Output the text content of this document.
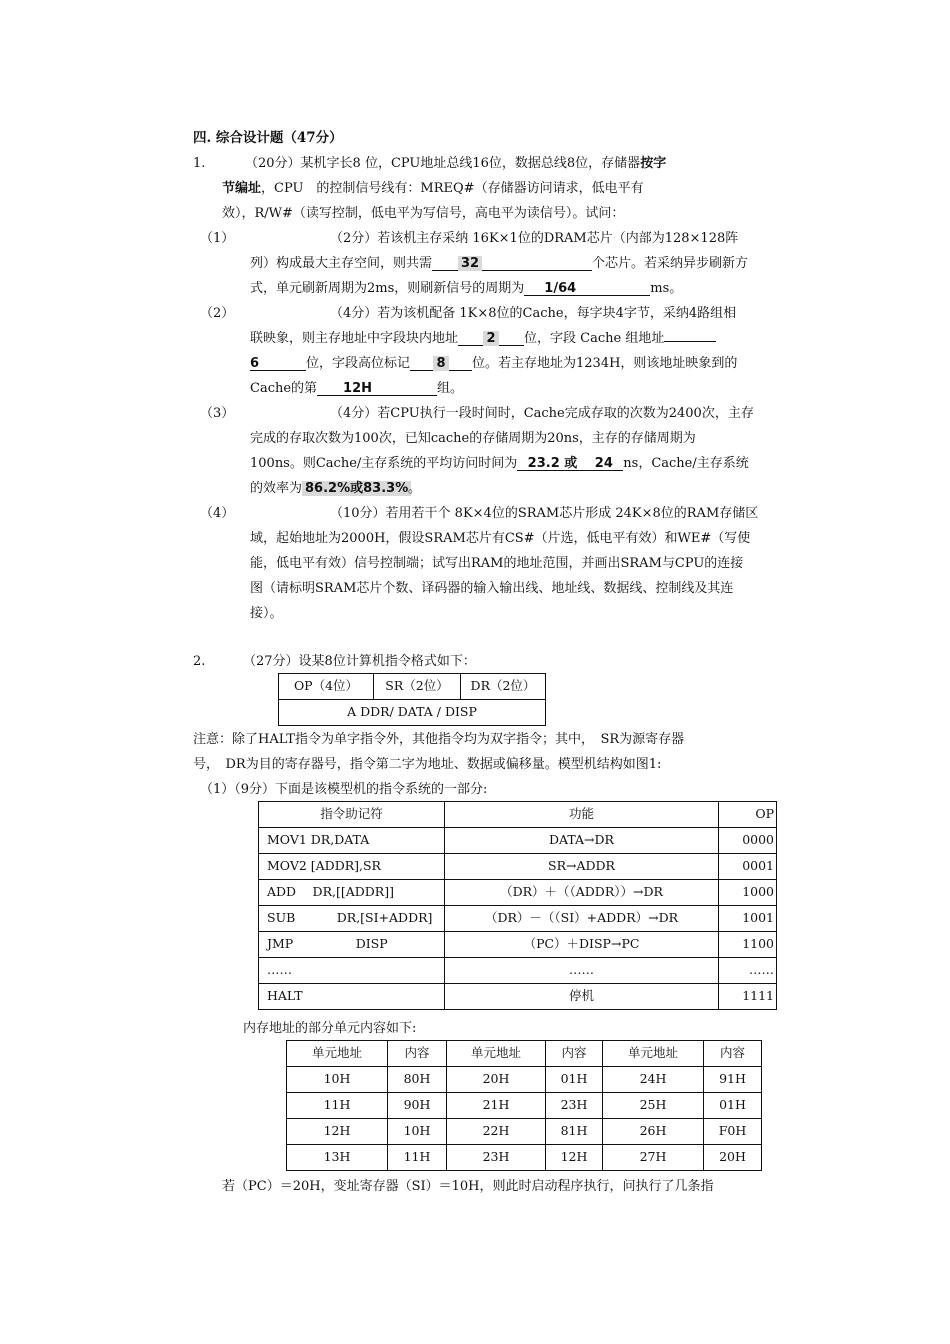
四. 综合设计题（47分）
1.	（20分）某机字长8 位，CPU地址总线16位，数据总线8位，存储器按字
节编址，CPU　的控制信号线有：MREQ#（存储器访问请求，低电平有
效），R/W#（读写控制，低电平为写信号，高电平为读信号）。试问：
（1）	（2分）若该机主存采纳 16K×1位的DRAM芯片（内部为128×128阵
列）构成最大主存空间，则共需 32	个芯片。若采纳异步刷新方
式，单元刷新周期为2ms，则刷新信号的周期为 1/64	ms。
（2）	（4分）若为该机配备 1K×8位的Cache，每字块4字节，采纳4路组相
联映象，则主存地址中字段块内地址 2 位，字段 Cache 组地址
6	位，字段高位标记 8 位。若主存地址为1234H，则该地址映象到的
Cache的第 12H	组。
（3）	（4分）若CPU执行一段时间时，Cache完成存取的次数为2400次，主存
完成的存取次数为100次，已知cache的存储周期为20ns，主存的存储周期为
100ns。则Cache/主存系统的平均访问时间为 23.2 或　 24 ns，Cache/主存系统
的效率为 86.2%或83.3%。
（4）	（10分）若用若干个 8K×4位的SRAM芯片形成 24K×8位的RAM存储区
域，起始地址为2000H，假设SRAM芯片有CS#（片选，低电平有效）和WE#（写使
能，低电平有效）信号控制端；试写出RAM的地址范围，并画出SRAM与CPU的连接
图（请标明SRAM芯片个数、译码器的输入输出线、地址线、数据线、控制线及其连
接）。
2.	（27分）设某8位计算机指令格式如下：
OP（4位）	SR（2位）	DR（2位）
A DDR/ DATA / DISP
注意：除了HALT指令为单字指令外，其他指令均为双字指令；其中，　SR为源寄存器
号，　DR为目的寄存器号，指令第二字为地址、数据或偏移量。模型机结构如图1:
（1）（9分）下面是该模型机的指令系统的一部分:
指令助记符	功能	OP
MOV1 DR,DATA	DATA→DR	0000
MOV2 [ADDR],SR	SR→ADDR	0001
ADD　 DR,[[ADDR]]	（DR）＋（（ADDR））→DR	1000
SUB　　　 DR,[SI+ADDR]	（DR）－（（SI）+ADDR）→DR	1001
JMP　　　　　DISP	（PC）＋DISP→PC	1100
……	……	……
HALT	停机	1111
内存地址的部分单元内容如下:
单元地址	内容	单元地址	内容	单元地址	内容
10H	80H	20H	01H	24H	91H
11H	90H	21H	23H	25H	01H
12H	10H	22H	81H	26H	F0H
13H	11H	23H	12H	27H	20H
若（PC）＝20H，变址寄存器（SI）＝10H，则此时启动程序执行，问执行了几条指
